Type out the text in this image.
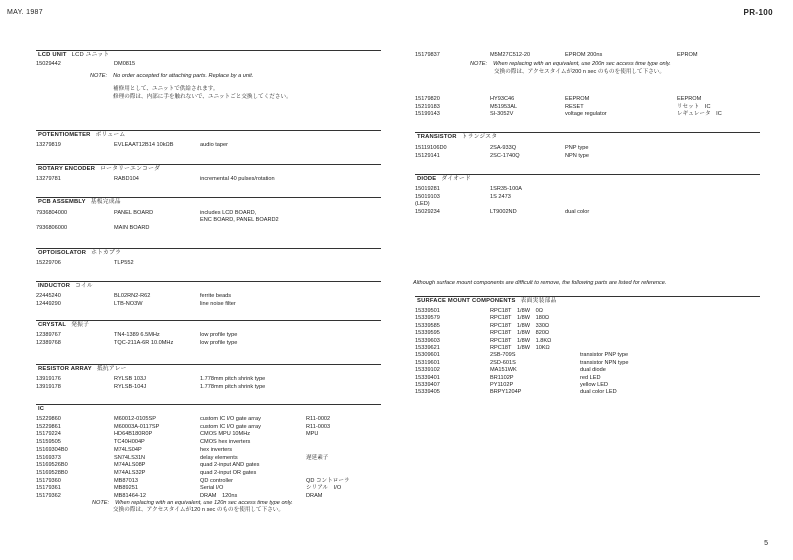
MAY. 1987	PR-100
5
LCD UNIT LCD ユニット
15029442	DM0815
NOTE: No order accepted for attaching parts. Replace by a unit.
補修用として、ユニットで供給されます。
修理の際は、内部に手を触れないで、ユニットごと交換してください。
POTENTIOMETER ボリューム
13279819	EVLEAAT12B14 10kΩB	audio taper
ROTARY ENCODER ロータリーエンコーダ
13279781	RABD104	incremental 40 pulses/rotation
PCB ASSEMBLY 基板完成品
7936804000	PANEL BOARD	includes LCD BOARD,
ENC BOARD, PANEL BOARD2
7936806000	MAIN BOARD
OPTOISOLATOR ホトカプラ
15229706	TLP552
INDUCTOR コイル
22445240	BL02RN2-R62	ferrite beads
12449290	LTB-NO3W	line noise filter
CRYSTAL 発振子
12389767	TN4-1389 6.5MHz	low profile type
12389768	TQC-211A-6R 10.0MHz	low profile type
RESISTOR ARRAY 抵抗アレー
13919176	RYLSB 103J	1.778mm pitch shrink type
13919178	RYLSB-104J	1.778mm pitch shrink type
IC
15229860	M60012-0105SP	custom IC I/O gate array	R11-0002
15229861	M60003A-0117SP	custom IC I/O gate array	R11-0003
15179224	HD64B180R0P	CMOS MPU 10MHz	MPU
15159505	TC40H004P	CMOS hex inverters
15169304B0	M74LS04P	hex inverters
15169373	SN74LS31N	delay elements	遅延素子
15169526B0	M74ALS08P	quad 2-input AND gates
15169528B0	M74ALS32P	quad 2-input OR gates
15179360	MB87013	QD controller	QD コントローラ
15179361	MB89251	Serial I/O	シリアル　I/O
15179362	MB81464-12	DRAM　120ns	DRAM
NOTE: When replacing with an equivalent, use 120n sec access time type only.
交換の際は、アクセスタイムが120 n sec のものを使用して下さい。
15179837	M5M27C512-20	EPROM 200ns	EPROM
NOTE: When replacing with an equivalent, use 200n sec access time type only.
交換の際は、アクセスタイムが200 n sec のものを使用して下さい。
15179820	HY93C46	EEPROM	EEPROM
15219183	M51953AL	RESET	リセット　IC
15199143	SI-3052V	voltage regulator	レギュレータ　IC
TRANSISTOR トランジスタ
15119106D0	2SA-933Q	PNP type
15129141	2SC-1740Q	NPN type
DIODE ダイオード
15019281	1SR35-100A
15019103	1S 2473
(LED)
15029234	LT9002ND	dual color
Although surface mount components are difficult to remove, the following parts are listed for reference.
SURFACE MOUNT COMPONENTS 表面実装部品
15339501	RPC18T　1/8W　0Ω
15339579	RPC18T　1/8W　180Ω
15339585	RPC18T　1/8W　330Ω
15339595	RPC18T　1/8W　820Ω
15339603	RPC18T　1/8W　1.8KΩ
15339621	RPC18T　1/8W　10KΩ
15309601	2SB-709S	transistor PNP type
15319601	2SD-601S	transistor NPN type
15339102	MA151WK	dual diode
15339401	BR1102P	red LED
15339407	PY1102P	yellow LED
15339405	BRPY1204P	dual color LED
